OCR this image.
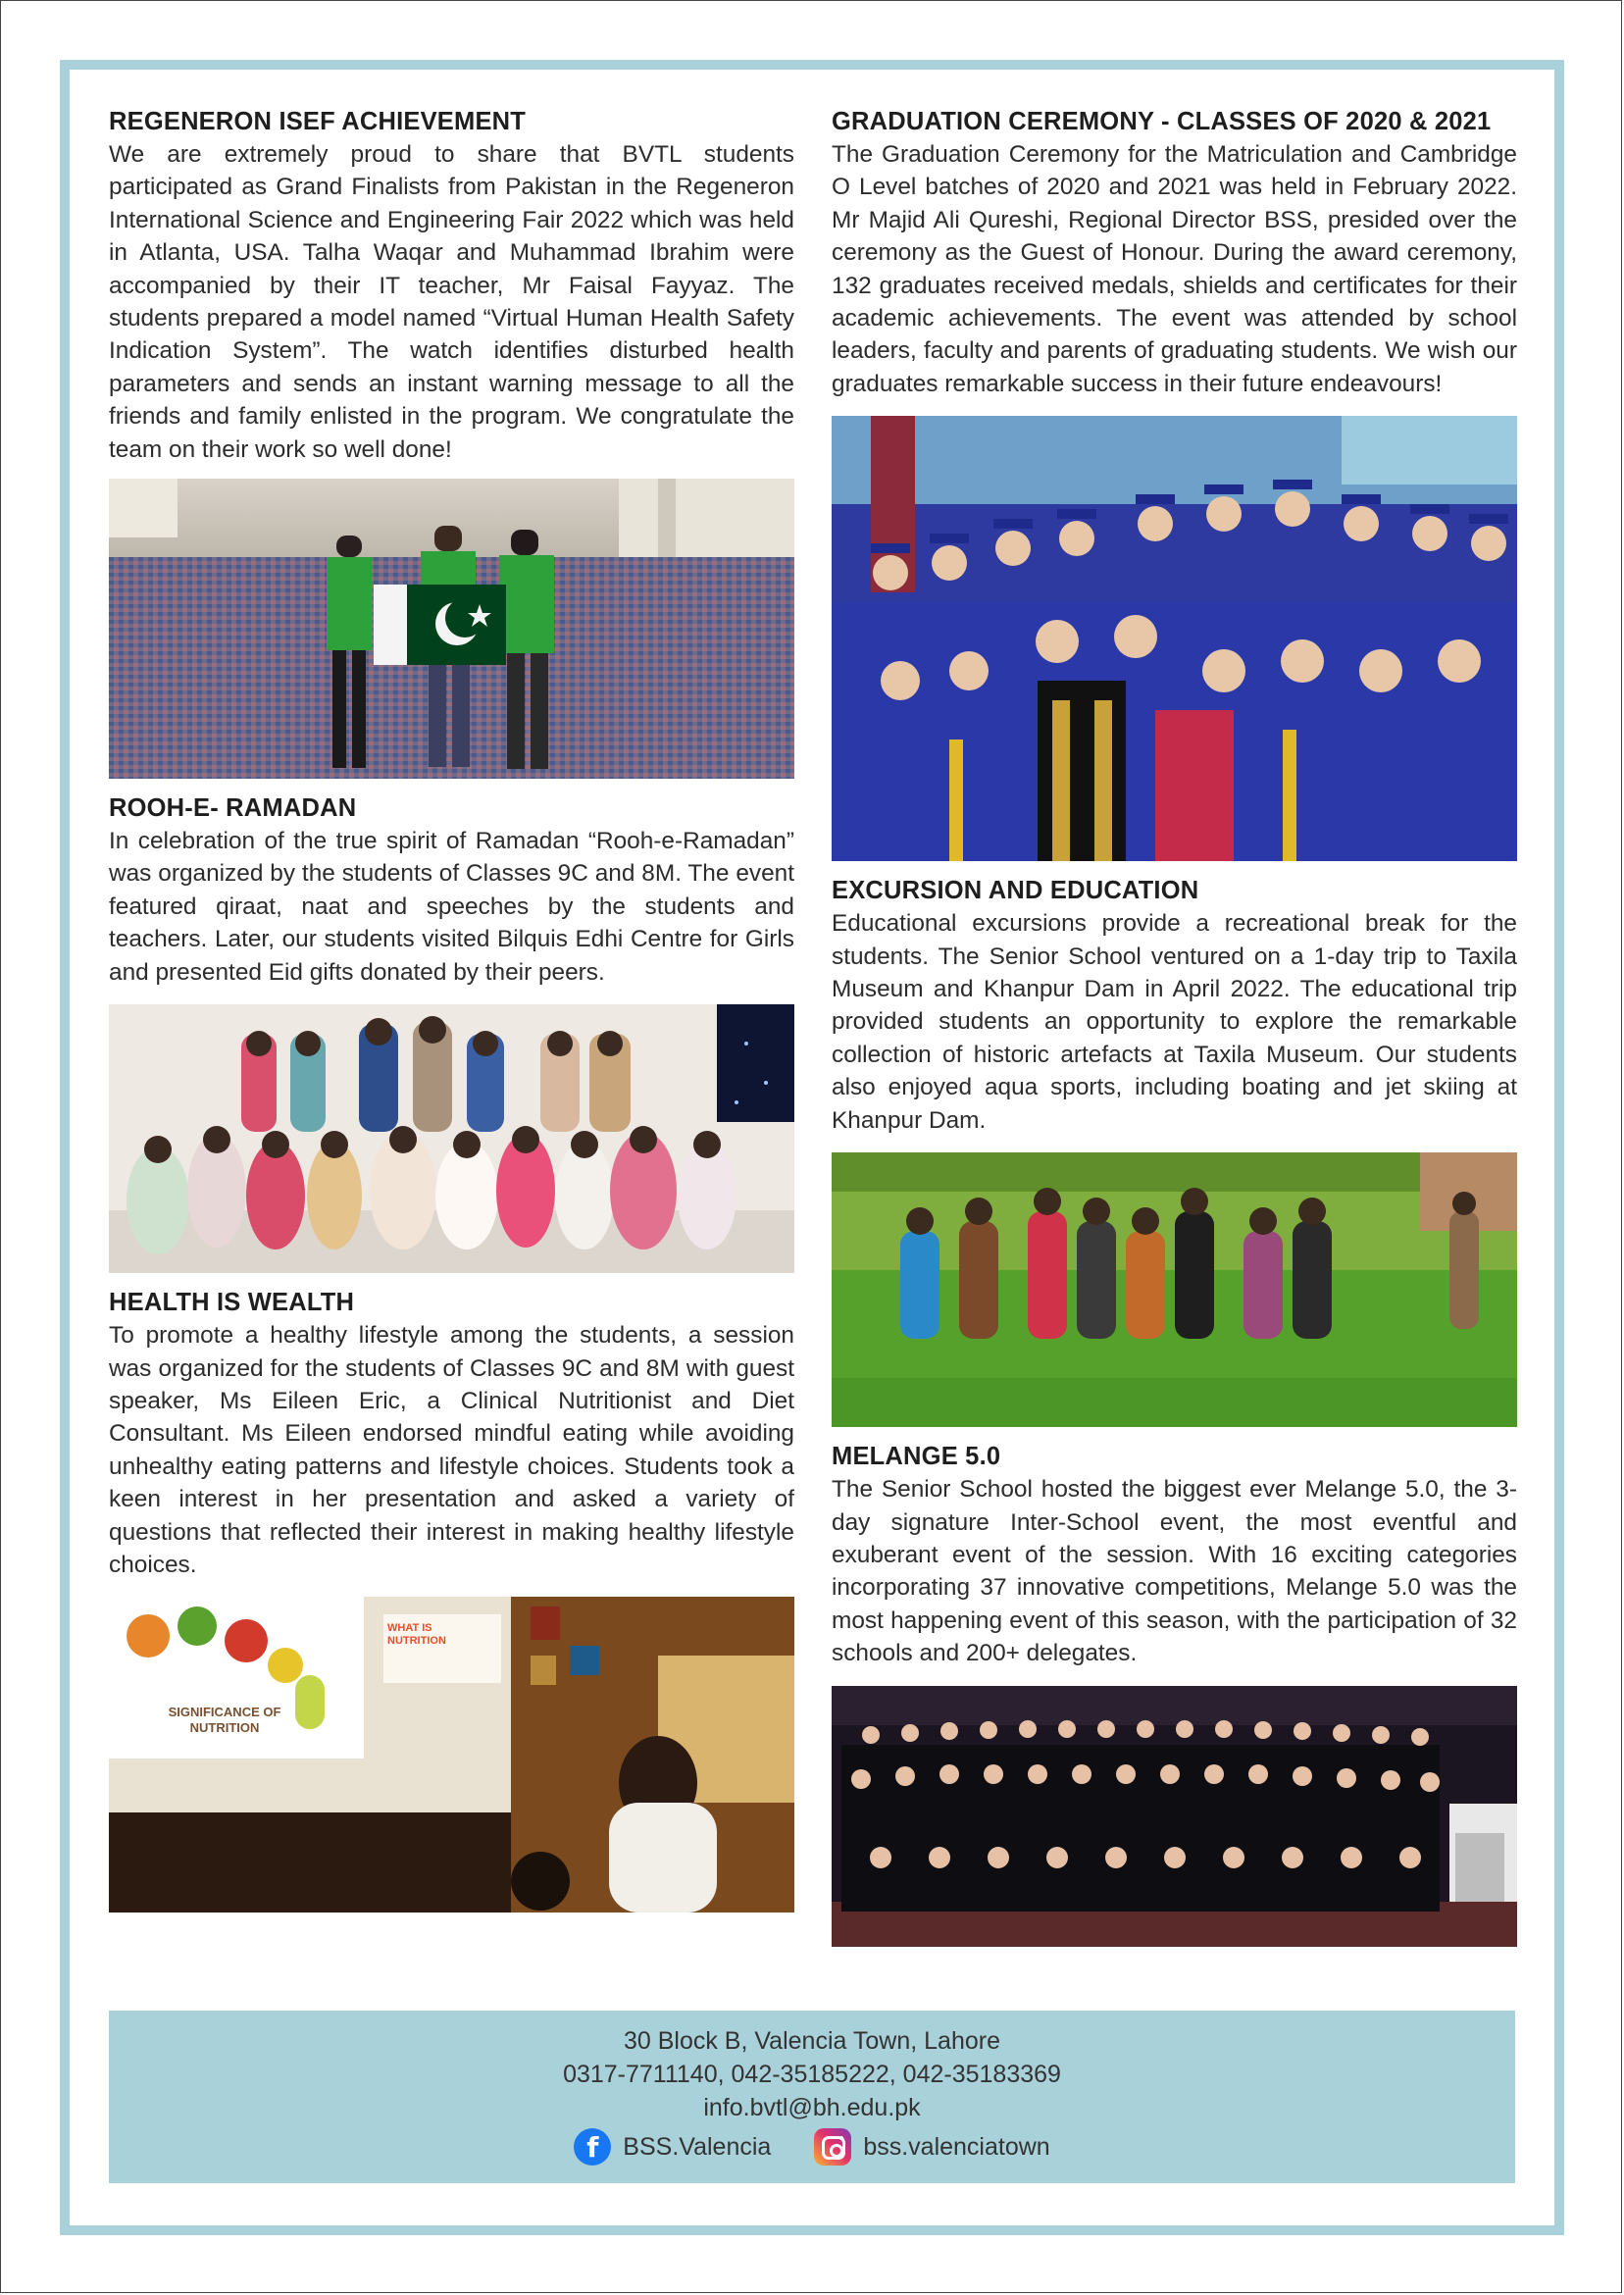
REGENERON ISEF ACHIEVEMENT

We are extremely proud to share that BVTL students participated as Grand Finalists from Pakistan in the Regeneron International Science and Engineering Fair 2022 which was held in Atlanta, USA. Talha Waqar and Muhammad Ibrahim were accompanied by their IT teacher, Mr Faisal Fayyaz. The students prepared a model named “Virtual Human Health Safety Indication System”. The watch identifies disturbed health parameters and sends an instant warning message to all the friends and family enlisted in the program. We congratulate the team on their work so well done!

ROOH-E- RAMADAN

In celebration of the true spirit of Ramadan “Rooh-e-Ramadan” was organized by the students of Classes 9C and 8M. The event featured qiraat, naat and speeches by the students and teachers. Later, our students visited Bilquis Edhi Centre for Girls and presented Eid gifts donated by their peers.

HEALTH IS WEALTH

To promote a healthy lifestyle among the students, a session was organized for the students of Classes 9C and 8M with guest speaker, Ms Eileen Eric, a Clinical Nutritionist and Diet Consultant. Ms Eileen endorsed mindful eating while avoiding unhealthy eating patterns and lifestyle choices. Students took a keen interest in her presentation and asked a variety of questions that reflected their interest in making healthy lifestyle choices.

SIGNIFICANCE OF NUTRITION
WHAT IS NUTRITION
GRADUATION CEREMONY - CLASSES OF 2020 & 2021

The Graduation Ceremony for the Matriculation and Cambridge O Level batches of 2020 and 2021 was held in February 2022. Mr Majid Ali Qureshi, Regional Director BSS, presided over the ceremony as the Guest of Honour. During the award ceremony, 132 graduates received medals, shields and certificates for their academic achievements. The event was attended by school leaders, faculty and parents of graduating students. We wish our graduates remarkable success in their future endeavours!

EXCURSION AND EDUCATION

Educational excursions provide a recreational break for the students. The Senior School ventured on a 1-day trip to Taxila Museum and Khanpur Dam in April 2022. The educational trip provided students an opportunity to explore the remarkable collection of historic artefacts at Taxila Museum. Our students also enjoyed aqua sports, including boating and jet skiing at Khanpur Dam.

MELANGE 5.0

The Senior School hosted the biggest ever Melange 5.0, the 3-day signature Inter-School event, the most eventful and exuberant event of the session. With 16 exciting categories incorporating 37 innovative competitions, Melange 5.0 was the most happening event of this season, with the participation of 32 schools and 200+ delegates.

30 Block B, Valencia Town, Lahore
0317-7711140, 042-35185222, 042-35183369
info.bvtl@bh.edu.pk
f BSS.Valencia	bss.valenciatown
